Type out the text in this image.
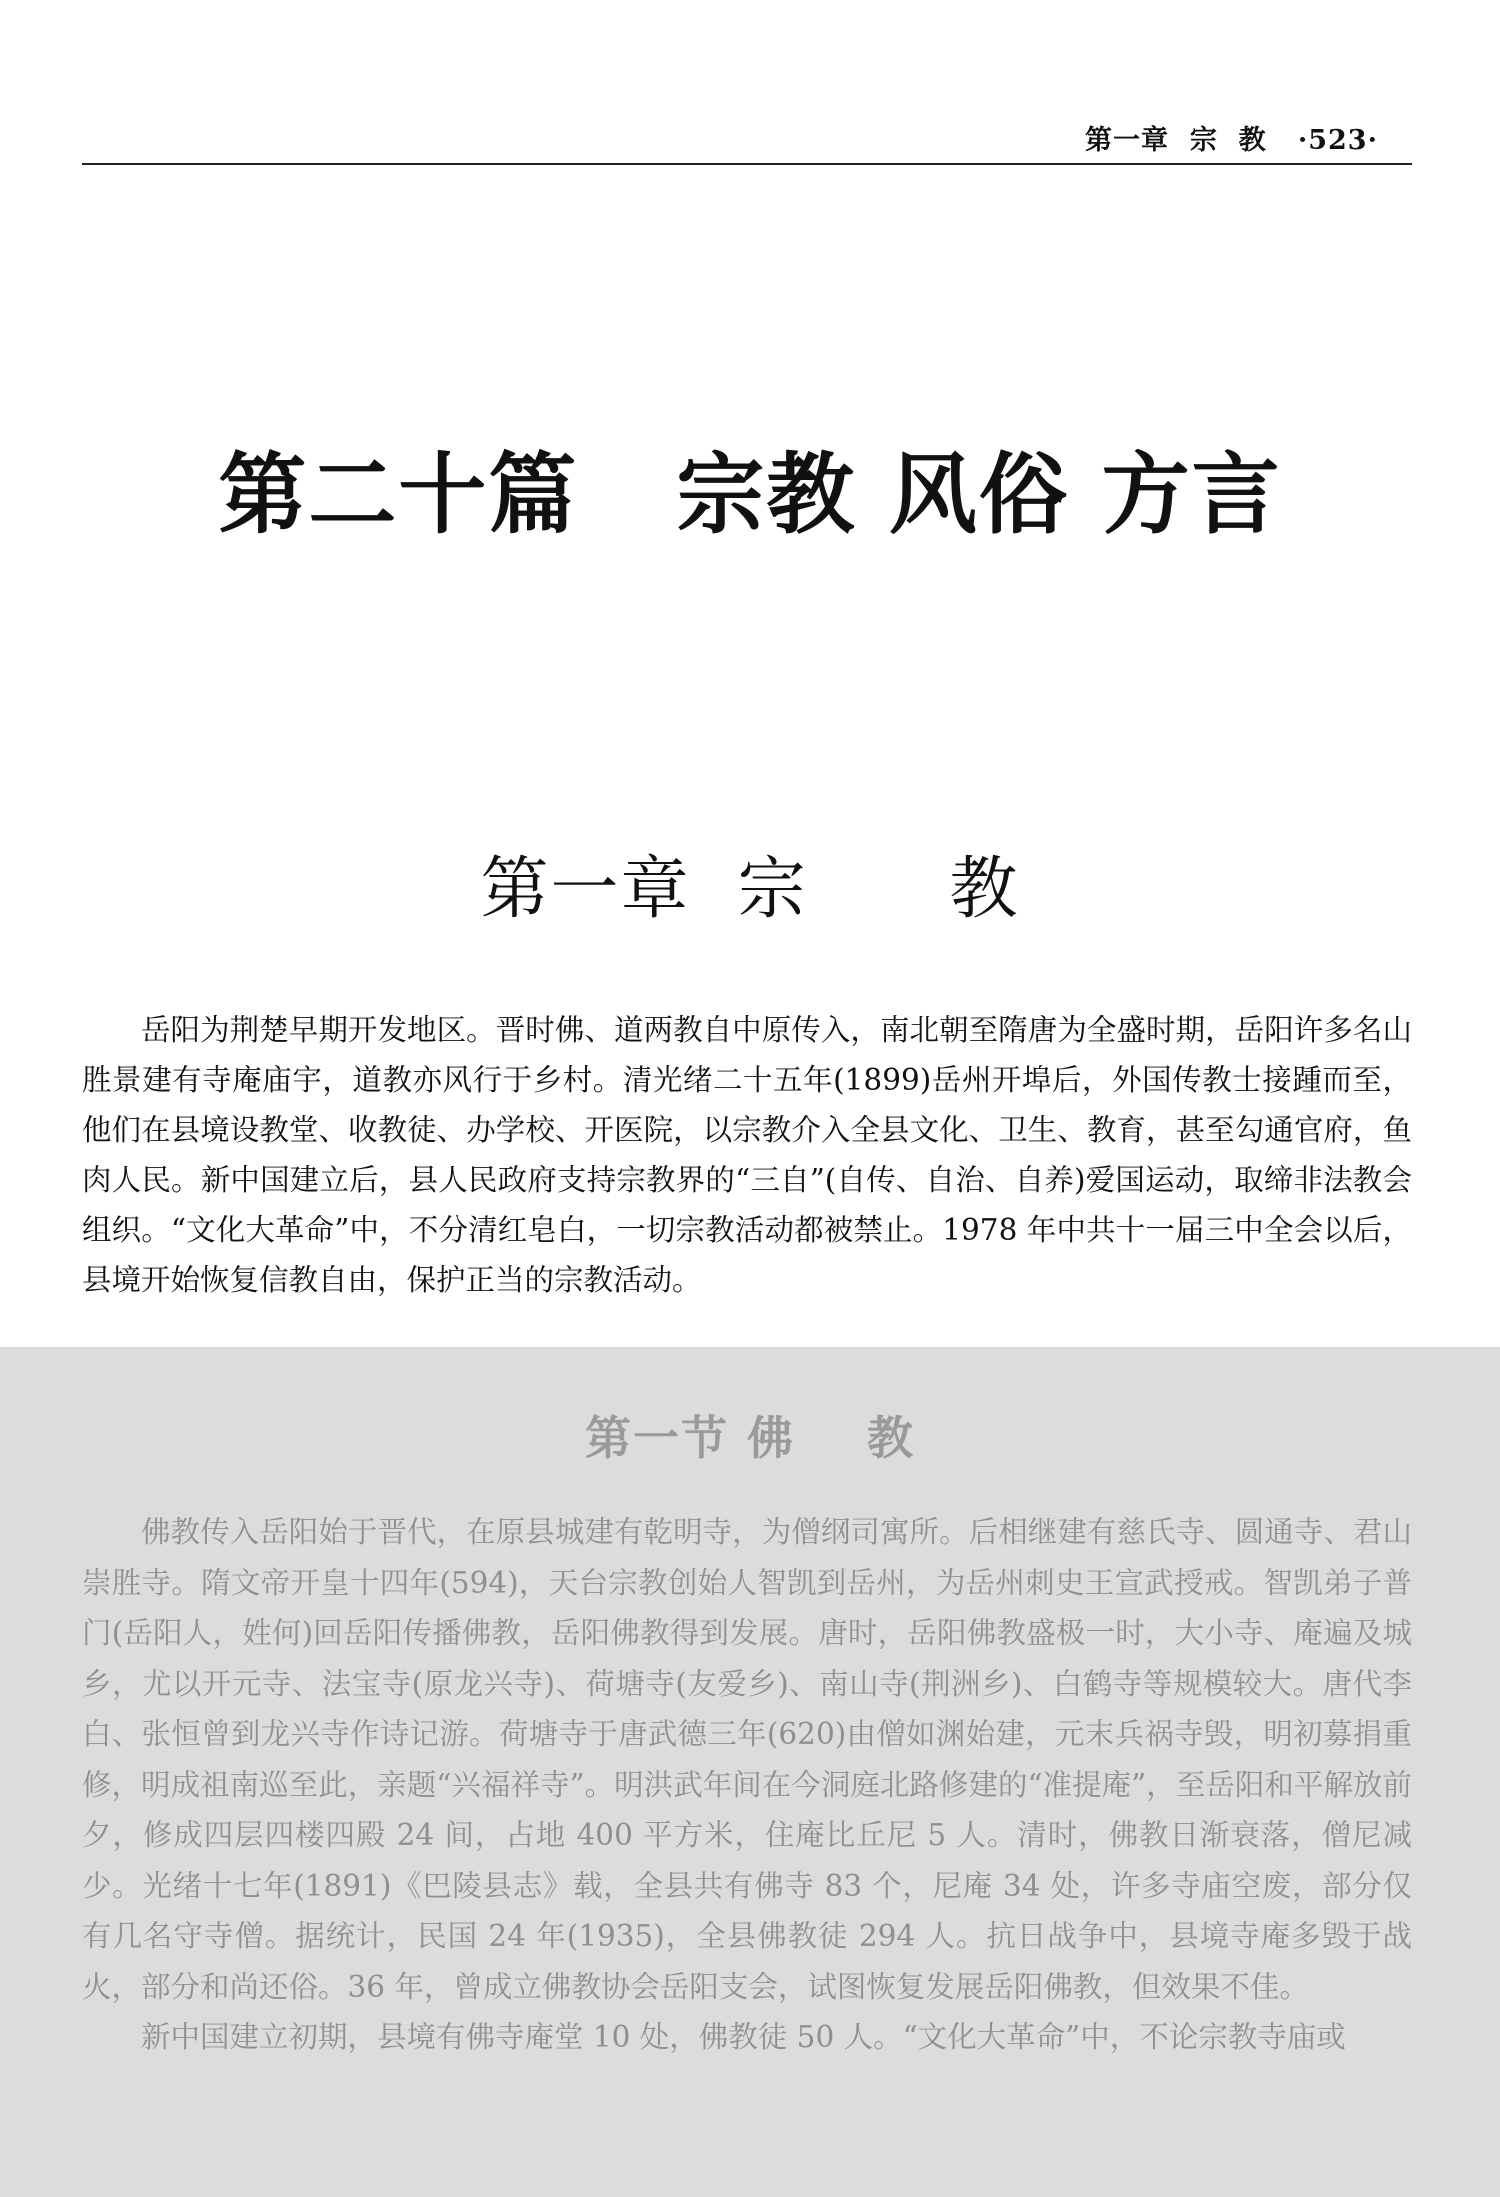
第一章  宗  教   ·523·
第二十篇   宗教 风俗 方言
第一章  宗      教

岳阳为荆楚早期开发地区。晋时佛、道两教自中原传入，南北朝至隋唐为全盛时期，岳阳许多名山胜景建有寺庵庙宇，道教亦风行于乡村。清光绪二十五年(1899)岳州开埠后，外国传教士接踵而至，他们在县境设教堂、收教徒、办学校、开医院，以宗教介入全县文化、卫生、教育，甚至勾通官府，鱼肉人民。新中国建立后，县人民政府支持宗教界的“三自”(自传、自治、自养)爱国运动，取缔非法教会组织。“文化大革命”中，不分清红皂白，一切宗教活动都被禁止。1978 年中共十一届三中全会以后，县境开始恢复信教自由，保护正当的宗教活动。

第一节 佛    教

佛教传入岳阳始于晋代，在原县城建有乾明寺，为僧纲司寓所。后相继建有慈氏寺、圆通寺、君山 崇胜寺。隋文帝开皇十四年(594)，天台宗教创始人智凯到岳州，为岳州刺史王宣武授戒。智凯弟子普门(岳阳人，姓何)回岳阳传播佛教，岳阳佛教得到发展。唐时，岳阳佛教盛极一时，大小寺、庵遍及城乡，尤以开元寺、法宝寺(原龙兴寺)、荷塘寺(友爱乡)、南山寺(荆洲乡)、白鹤寺等规模较大。唐代李白、张恒曾到龙兴寺作诗记游。荷塘寺于唐武德三年(620)由僧如渊始建，元末兵祸寺毁，明初募捐重修，明成祖南巡至此，亲题“兴福祥寺”。明洪武年间在今洞庭北路修建的“准提庵”，至岳阳和平解放前夕，修成四层四楼四殿 24 间，占地 400 平方米，住庵比丘尼 5 人。清时，佛教日渐衰落，僧尼减少。光绪十七年(1891)《巴陵县志》载，全县共有佛寺 83 个，尼庵 34 处，许多寺庙空废，部分仅有几名守寺僧。据统计，民国 24 年(1935)，全县佛教徒 294 人。抗日战争中，县境寺庵多毁于战火，部分和尚还俗。36 年，曾成立佛教协会岳阳支会，试图恢复发展岳阳佛教，但效果不佳。

新中国建立初期，县境有佛寺庵堂 10 处，佛教徒 50 人。“文化大革命”中，不论宗教寺庙或
